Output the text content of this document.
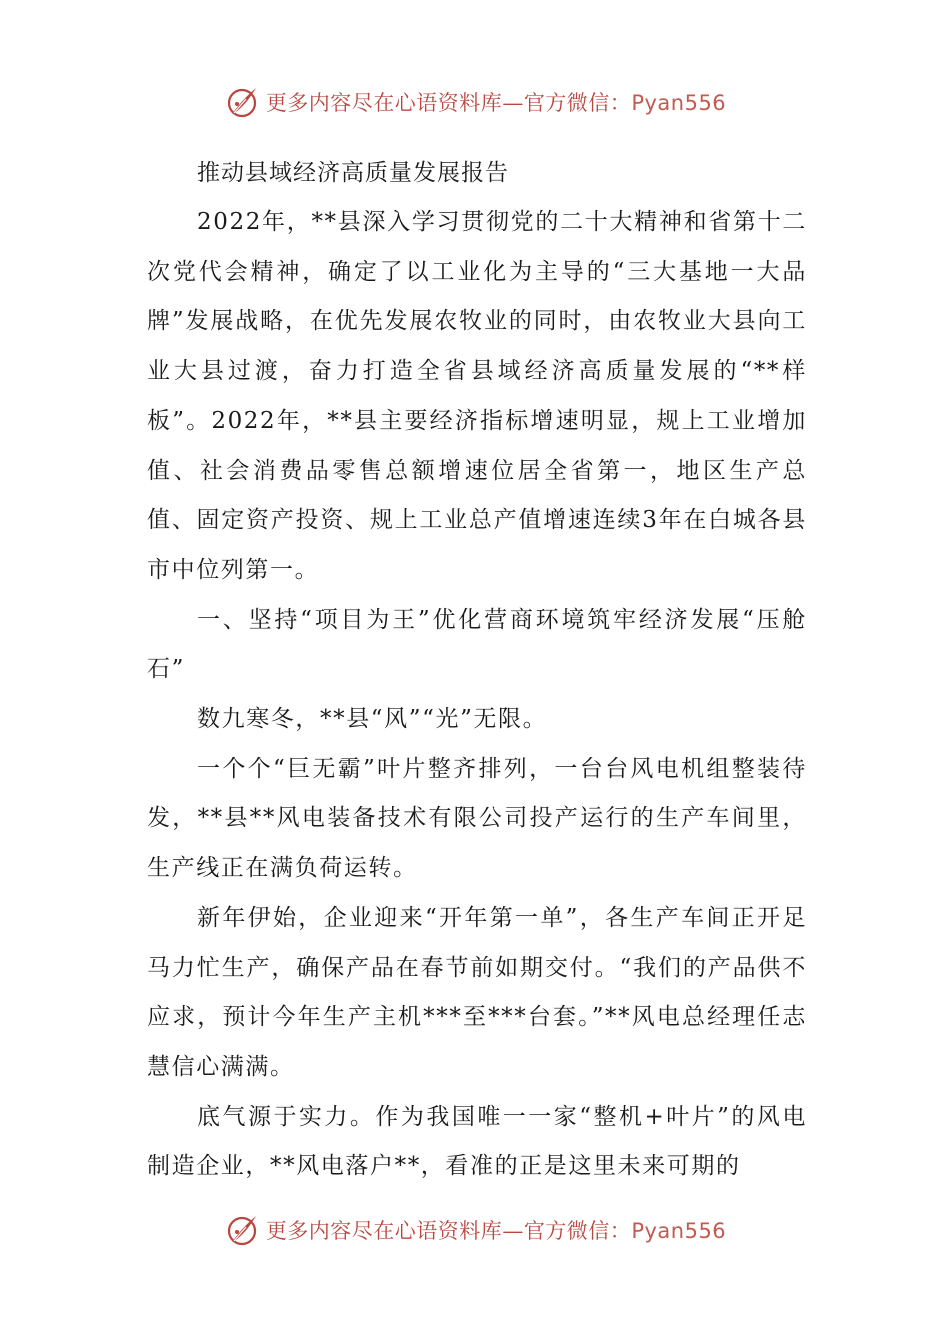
更多内容尽在心语资料库—官方微信：Pyan556

推动县域经济高质量发展报告

2022年，**县深入学习贯彻党的二十大精神和省第十二次党代会精神，确定了以工业化为主导的“三大基地一大品牌”发展战略，在优先发展农牧业的同时，由农牧业大县向工业大县过渡，奋力打造全省县域经济高质量发展的“**样板”。2022年，**县主要经济指标增速明显，规上工业增加值、社会消费品零售总额增速位居全省第一，地区生产总值、固定资产投资、规上工业总产值增速连续3年在白城各县市中位列第一。

一、坚持“项目为王”优化营商环境筑牢经济发展“压舱石”

数九寒冬，**县“风”“光”无限。

一个个“巨无霸”叶片整齐排列，一台台风电机组整装待发，**县**风电装备技术有限公司投产运行的生产车间里，生产线正在满负荷运转。

新年伊始，企业迎来“开年第一单”，各生产车间正开足马力忙生产，确保产品在春节前如期交付。“我们的产品供不应求，预计今年生产主机***至***台套。”**风电总经理任志慧信心满满。

底气源于实力。作为我国唯一一家“整机+叶片”的风电制造企业，**风电落户**，看准的正是这里未来可期的

更多内容尽在心语资料库—官方微信：Pyan556
